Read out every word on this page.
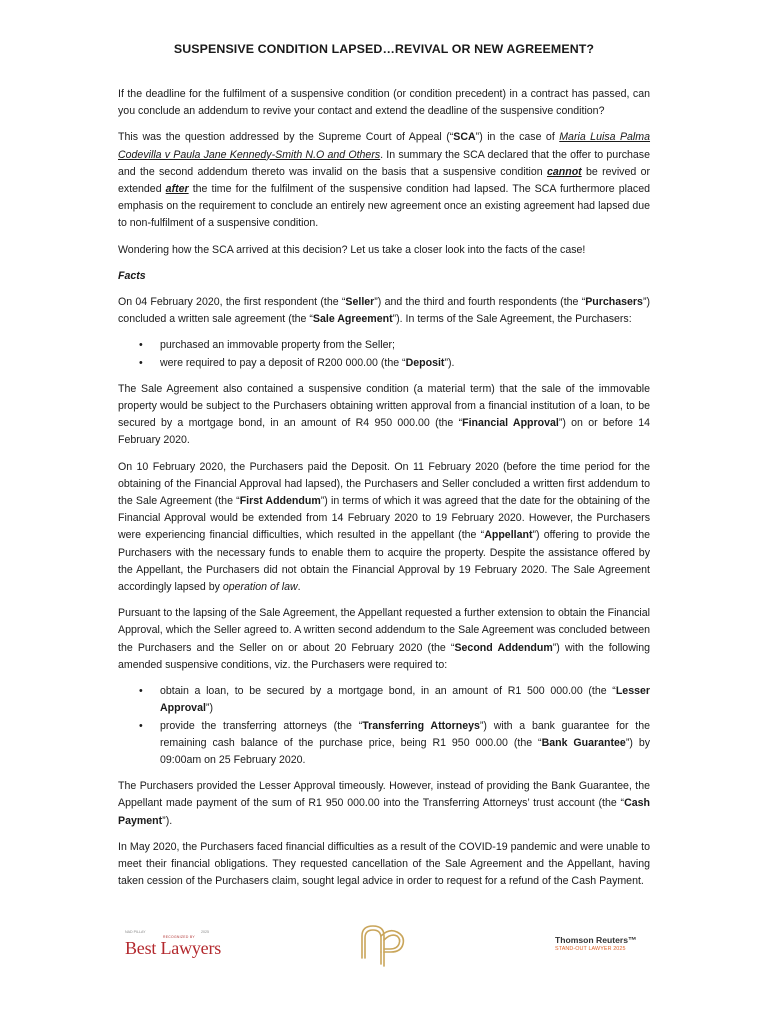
SUSPENSIVE CONDITION LAPSED…REVIVAL OR NEW AGREEMENT?

If the deadline for the fulfilment of a suspensive condition (or condition precedent) in a contract has passed, can you conclude an addendum to revive your contact and extend the deadline of the suspensive condition?

This was the question addressed by the Supreme Court of Appeal (“SCA”) in the case of Maria Luisa Palma Codevilla v Paula Jane Kennedy-Smith N.O and Others. In summary the SCA declared that the offer to purchase and the second addendum thereto was invalid on the basis that a suspensive condition cannot be revived or extended after the time for the fulfilment of the suspensive condition had lapsed. The SCA furthermore placed emphasis on the requirement to conclude an entirely new agreement once an existing agreement had lapsed due to non-fulfilment of a suspensive condition.

Wondering how the SCA arrived at this decision? Let us take a closer look into the facts of the case!

Facts

On 04 February 2020, the first respondent (the “Seller”) and the third and fourth respondents (the “Purchasers”) concluded a written sale agreement (the “Sale Agreement”). In terms of the Sale Agreement, the Purchasers:

• purchased an immovable property from the Seller;
• were required to pay a deposit of R200 000.00 (the “Deposit”).

The Sale Agreement also contained a suspensive condition (a material term) that the sale of the immovable property would be subject to the Purchasers obtaining written approval from a financial institution of a loan, to be secured by a mortgage bond, in an amount of R4 950 000.00 (the “Financial Approval”) on or before 14 February 2020.

On 10 February 2020, the Purchasers paid the Deposit. On 11 February 2020 (before the time period for the obtaining of the Financial Approval had lapsed), the Purchasers and Seller concluded a written first addendum to the Sale Agreement (the “First Addendum”) in terms of which it was agreed that the date for the obtaining of the Financial Approval would be extended from 14 February 2020 to 19 February 2020. However, the Purchasers were experiencing financial difficulties, which resulted in the appellant (the “Appellant”) offering to provide the Purchasers with the necessary funds to enable them to acquire the property. Despite the assistance offered by the Appellant, the Purchasers did not obtain the Financial Approval by 19 February 2020. The Sale Agreement accordingly lapsed by operation of law.

Pursuant to the lapsing of the Sale Agreement, the Appellant requested a further extension to obtain the Financial Approval, which the Seller agreed to. A written second addendum to the Sale Agreement was concluded between the Purchasers and the Seller on or about 20 February 2020 (the “Second Addendum”) with the following amended suspensive conditions, viz. the Purchasers were required to:

• obtain a loan, to be secured by a mortgage bond, in an amount of R1 500 000.00 (the “Lesser Approval”)
• provide the transferring attorneys (the “Transferring Attorneys”) with a bank guarantee for the remaining cash balance of the purchase price, being R1 950 000.00 (the “Bank Guarantee”) by 09:00am on 25 February 2020.

The Purchasers provided the Lesser Approval timeously. However, instead of providing the Bank Guarantee, the Appellant made payment of the sum of R1 950 000.00 into the Transferring Attorneys’ trust account (the “Cash Payment”).

In May 2020, the Purchasers faced financial difficulties as a result of the COVID-19 pandemic and were unable to meet their financial obligations. They requested cancellation of the Sale Agreement and the Appellant, having taken cession of the Purchasers claim, sought legal advice in order to request for a refund of the Cash Payment.

NAD PILLAY	2025
RECOGNIZED BY
Best Lawyers	Thomson Reuters™
STAND-OUT LAWYER 2025
